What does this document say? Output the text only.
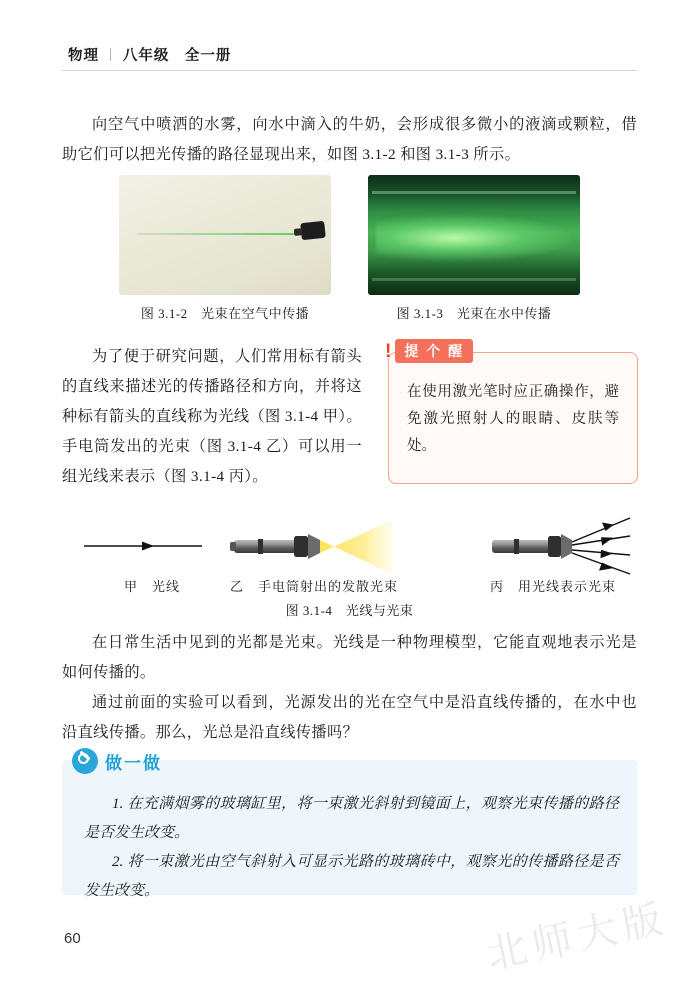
物理 | 八年级　全一册
向空气中喷洒的水雾，向水中滴入的牛奶，会形成很多微小的液滴或颗粒，借助它们可以把光传播的路径显现出来，如图 3.1-2 和图 3.1-3 所示。
图 3.1-2　光束在空气中传播	图 3.1-3　光束在水中传播
为了便于研究问题，人们常用标有箭头的直线来描述光的传播路径和方向，并将这种标有箭头的直线称为光线（图 3.1-4 甲）。手电筒发出的光束（图 3.1-4 乙）可以用一组光线来表示（图 3.1-4 丙）。
! 提 个 醒
在使用激光笔时应正确操作，避免激光照射人的眼睛、皮肤等处。
甲　光线	乙　手电筒射出的发散光束	丙　用光线表示光束
图 3.1-4　光线与光束
在日常生活中见到的光都是光束。光线是一种物理模型，它能直观地表示光是如何传播的。
通过前面的实验可以看到，光源发出的光在空气中是沿直线传播的，在水中也沿直线传播。那么，光总是沿直线传播吗？
做一做
1. 在充满烟雾的玻璃缸里，将一束激光斜射到镜面上，观察光束传播的路径是否发生改变。
2. 将一束激光由空气斜射入可显示光路的玻璃砖中，观察光的传播路径是否发生改变。
60	北师大版
